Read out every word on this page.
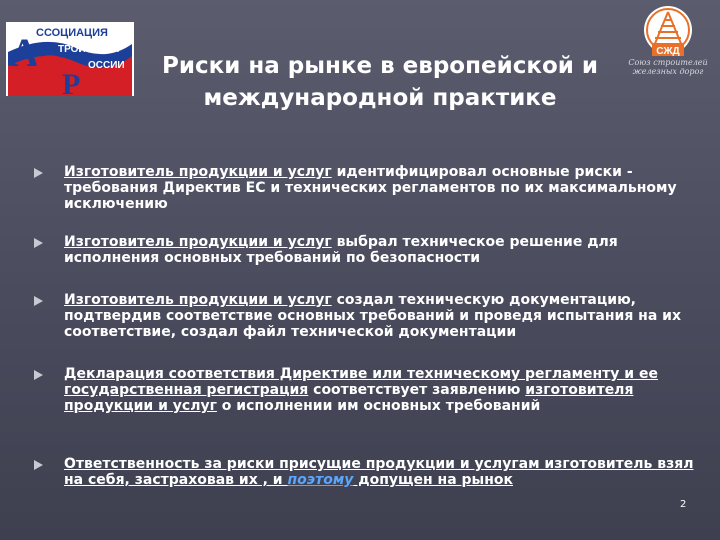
А
С Р
ССОЦИАЦИЯ
ТРОИТЕЛЕЙ
ОССИИ
СЖД
Союз строителей
железных дорог
Риски на рынке в европейской и
международной практике
Изготовитель продукции и услуг идентифицировал основные риски - требования Директив ЕС и технических регламентов по их максимальному исключению
Изготовитель продукции и услуг выбрал техническое решение для исполнения основных требований по безопасности
Изготовитель продукции и услуг создал техническую документацию, подтвердив соответствие основных требований и проведя испытания на их соответствие, создал файл технической документации
Декларация соответствия Директиве или техническому регламенту и ее государственная регистрация соответствует заявлению изготовителя продукции и услуг о исполнении им основных требований
Ответственность за риски присущие продукции и услугам изготовитель взял на себя, застраховав их , и поэтому допущен на рынок
2
